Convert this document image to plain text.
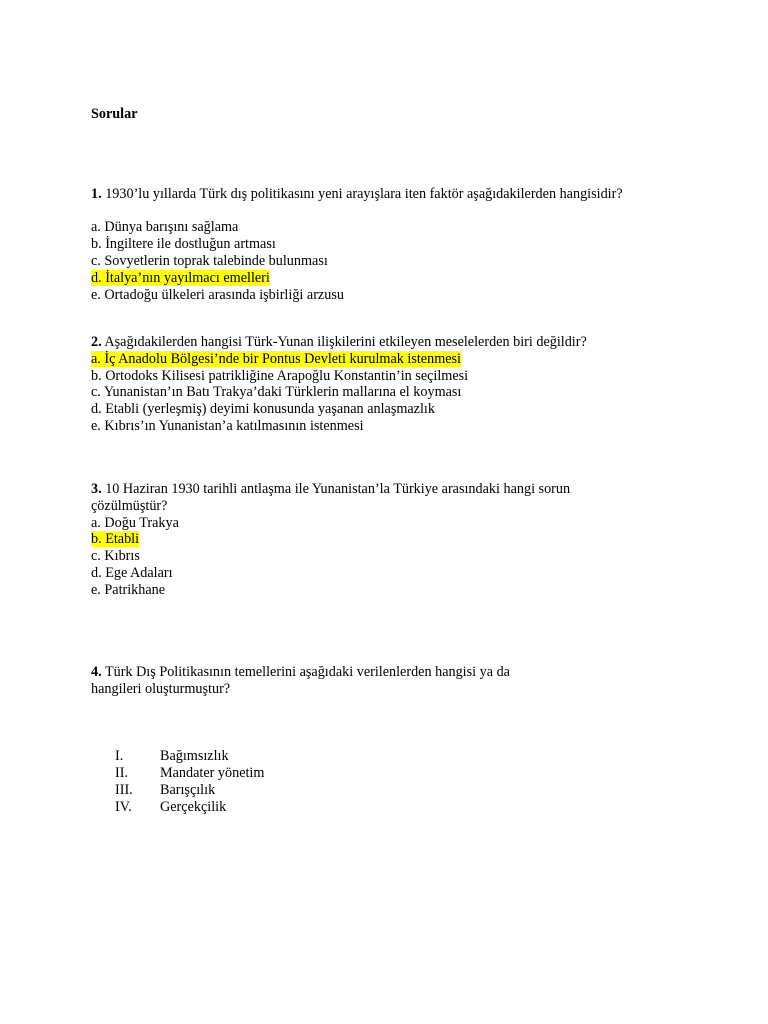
Sorular
1. 1930’lu yıllarda Türk dış politikasını yeni arayışlara iten faktör aşağıdakilerden hangisidir?
a. Dünya barışını sağlama
b. İngiltere ile dostluğun artması
c. Sovyetlerin toprak talebinde bulunması
d. İtalya’nın yayılmacı emelleri
e. Ortadoğu ülkeleri arasında işbirliği arzusu
2. Aşağıdakilerden hangisi Türk-Yunan ilişkilerini etkileyen meselelerden biri değildir?
a. İç Anadolu Bölgesi’nde bir Pontus Devleti kurulmak istenmesi
b. Ortodoks Kilisesi patrikliğine Arapoğlu Konstantin’in seçilmesi
c. Yunanistan’ın Batı Trakya’daki Türklerin mallarına el koyması
d. Etabli (yerleşmiş) deyimi konusunda yaşanan anlaşmazlık
e. Kıbrıs’ın Yunanistan’a katılmasının istenmesi
3. 10 Haziran 1930 tarihli antlaşma ile Yunanistan’la Türkiye arasındaki hangi sorun
çözülmüştür?
a. Doğu Trakya
b. Etabli
c. Kıbrıs
d. Ege Adaları
e. Patrikhane
4. Türk Dış Politikasının temellerini aşağıdaki verilenlerden hangisi ya da
hangileri oluşturmuştur?
I.	Bağımsızlık
II.	Mandater yönetim
III.	Barışçılık
IV.	Gerçekçilik
